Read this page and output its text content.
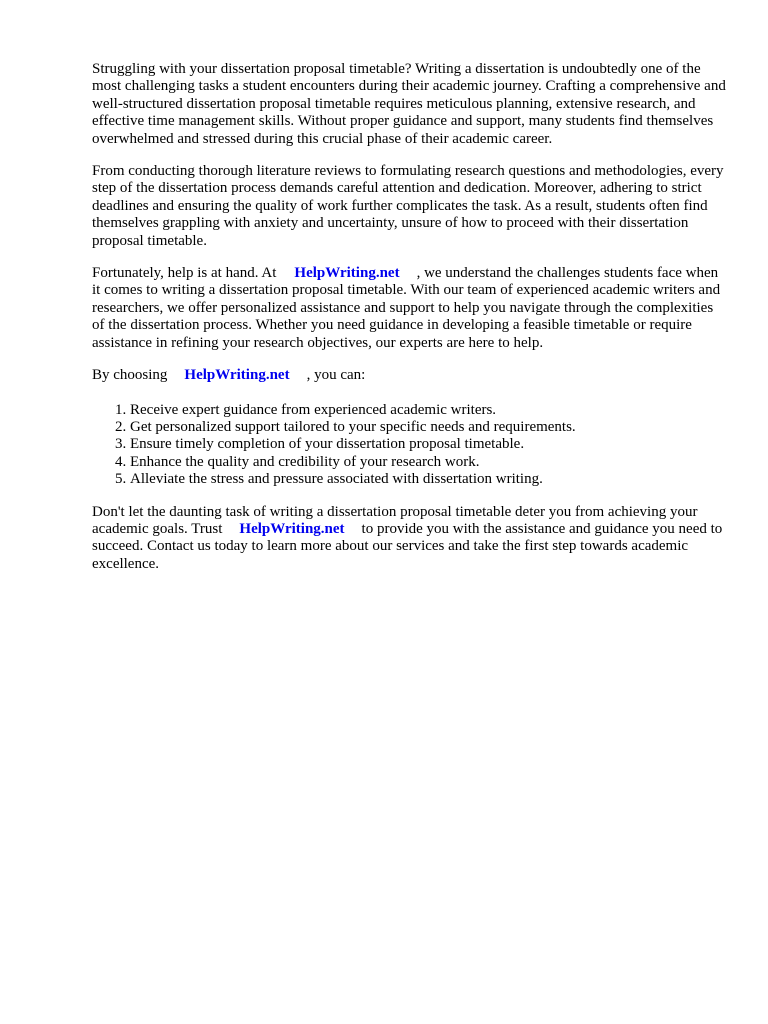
Struggling with your dissertation proposal timetable? Writing a dissertation is undoubtedly one of the most challenging tasks a student encounters during their academic journey. Crafting a comprehensive and well-structured dissertation proposal timetable requires meticulous planning, extensive research, and effective time management skills. Without proper guidance and support, many students find themselves overwhelmed and stressed during this crucial phase of their academic career.

From conducting thorough literature reviews to formulating research questions and methodologies, every step of the dissertation process demands careful attention and dedication. Moreover, adhering to strict deadlines and ensuring the quality of work further complicates the task. As a result, students often find themselves grappling with anxiety and uncertainty, unsure of how to proceed with their dissertation proposal timetable.

Fortunately, help is at hand. At HelpWriting.net , we understand the challenges students face when it comes to writing a dissertation proposal timetable. With our team of experienced academic writers and researchers, we offer personalized assistance and support to help you navigate through the complexities of the dissertation process. Whether you need guidance in developing a feasible timetable or require assistance in refining your research objectives, our experts are here to help.

By choosing HelpWriting.net , you can:

1. Receive expert guidance from experienced academic writers.
2. Get personalized support tailored to your specific needs and requirements.
3. Ensure timely completion of your dissertation proposal timetable.
4. Enhance the quality and credibility of your research work.
5. Alleviate the stress and pressure associated with dissertation writing.

Don't let the daunting task of writing a dissertation proposal timetable deter you from achieving your academic goals. Trust HelpWriting.net to provide you with the assistance and guidance you need to succeed. Contact us today to learn more about our services and take the first step towards academic excellence.
